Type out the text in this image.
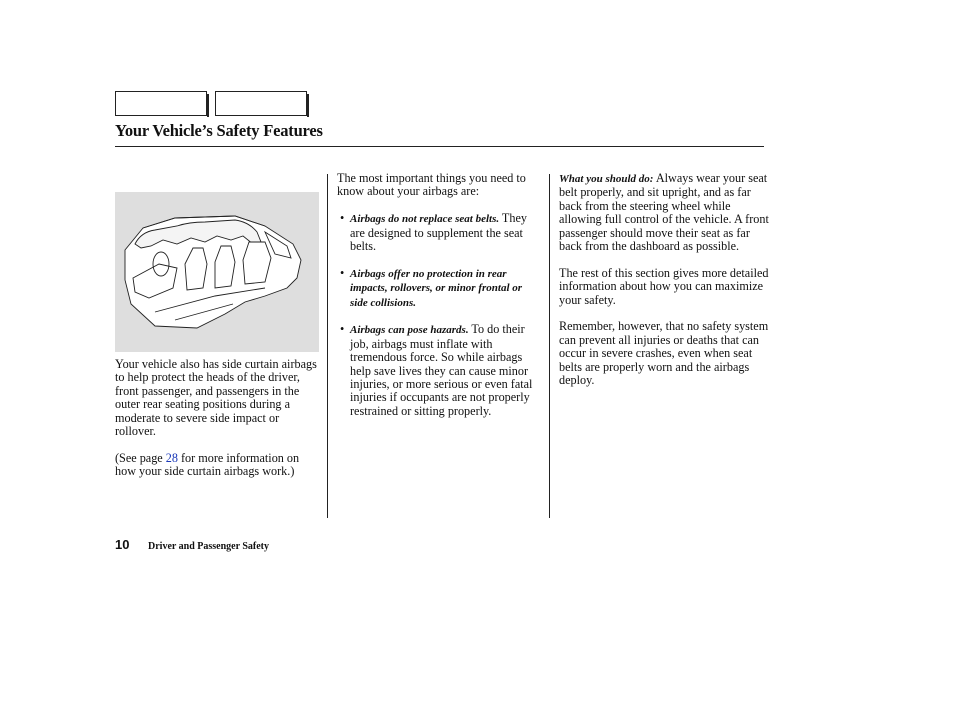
Your Vehicle’s Safety Features

Your vehicle also has side curtain airbags to help protect the heads of the driver, front passenger, and passengers in the outer rear seating positions during a moderate to severe side impact or rollover.

(See page 28 for more information on how your side curtain airbags work.)

The most important things you need to know about your airbags are:

• Airbags do not replace seat belts. They are designed to supplement the seat belts.
• Airbags offer no protection in rear impacts, rollovers, or minor frontal or side collisions.
• Airbags can pose hazards. To do their job, airbags must inflate with tremendous force. So while airbags help save lives they can cause minor injuries, or more serious or even fatal injuries if occupants are not properly restrained or sitting properly.

What you should do: Always wear your seat belt properly, and sit upright, and as far back from the steering wheel while allowing full control of the vehicle. A front passenger should move their seat as far back from the dashboard as possible.

The rest of this section gives more detailed information about how you can maximize your safety.

Remember, however, that no safety system can prevent all injuries or deaths that can occur in severe crashes, even when seat belts are properly worn and the airbags deploy.

10 Driver and Passenger Safety
